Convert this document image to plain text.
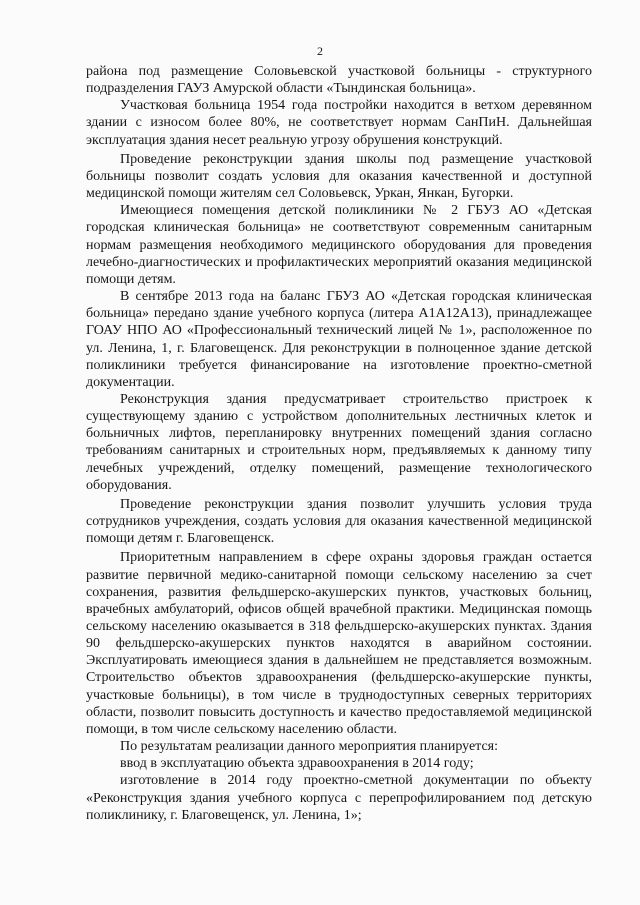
2

района под размещение Соловьевской участковой больницы - структурного подразделения ГАУЗ Амурской области «Тындинская больница».

Участковая больница 1954 года постройки находится в ветхом деревянном здании с износом более 80%, не соответствует нормам СанПиН. Дальнейшая эксплуатация здания несет реальную угрозу обрушения конструкций.

Проведение реконструкции здания школы под размещение участковой больницы позволит создать условия для оказания качественной и доступной медицинской помощи жителям сел Соловьевск, Уркан, Янкан, Бугорки.

Имеющиеся помещения детской поликлиники № 2 ГБУЗ АО «Детская городская клиническая больница» не соответствуют современным санитарным нормам размещения необходимого медицинского оборудования для проведения лечебно-диагностических и профилактических мероприятий оказания медицинской помощи детям.

В сентябре 2013 года на баланс ГБУЗ АО «Детская городская клиническая больница» передано здание учебного корпуса (литера А1А12А13), принадлежащее ГОАУ НПО АО «Профессиональный технический лицей № 1», расположенное по ул. Ленина, 1, г. Благовещенск. Для реконструкции в полноценное здание детской поликлиники требуется финансирование на изготовление проектно-сметной документации.

Реконструкция здания предусматривает строительство пристроек к существующему зданию с устройством дополнительных лестничных клеток и больничных лифтов, перепланировку внутренних помещений здания согласно требованиям санитарных и строительных норм, предъявляемых к данному типу лечебных учреждений, отделку помещений, размещение технологического оборудования.

Проведение реконструкции здания позволит улучшить условия труда сотрудников учреждения, создать условия для оказания качественной медицинской помощи детям г. Благовещенск.

Приоритетным направлением в сфере охраны здоровья граждан остается развитие первичной медико-санитарной помощи сельскому населению за счет сохранения, развития фельдшерско-акушерских пунктов, участковых больниц, врачебных амбулаторий, офисов общей врачебной практики. Медицинская помощь сельскому населению оказывается в 318 фельдшерско-акушерских пунктах. Здания 90 фельдшерско-акушерских пунктов находятся в аварийном состоянии. Эксплуатировать имеющиеся здания в дальнейшем не представляется возможным. Строительство объектов здравоохранения (фельдшерско-акушерские пункты, участковые больницы), в том числе в труднодоступных северных территориях области, позволит повысить доступность и качество предоставляемой медицинской помощи, в том числе сельскому населению области.

По результатам реализации данного мероприятия планируется:

ввод в эксплуатацию объекта здравоохранения в 2014 году;

изготовление в 2014 году проектно-сметной документации по объекту «Реконструкция здания учебного корпуса с перепрофилированием под детскую поликлинику, г. Благовещенск, ул. Ленина, 1»;
